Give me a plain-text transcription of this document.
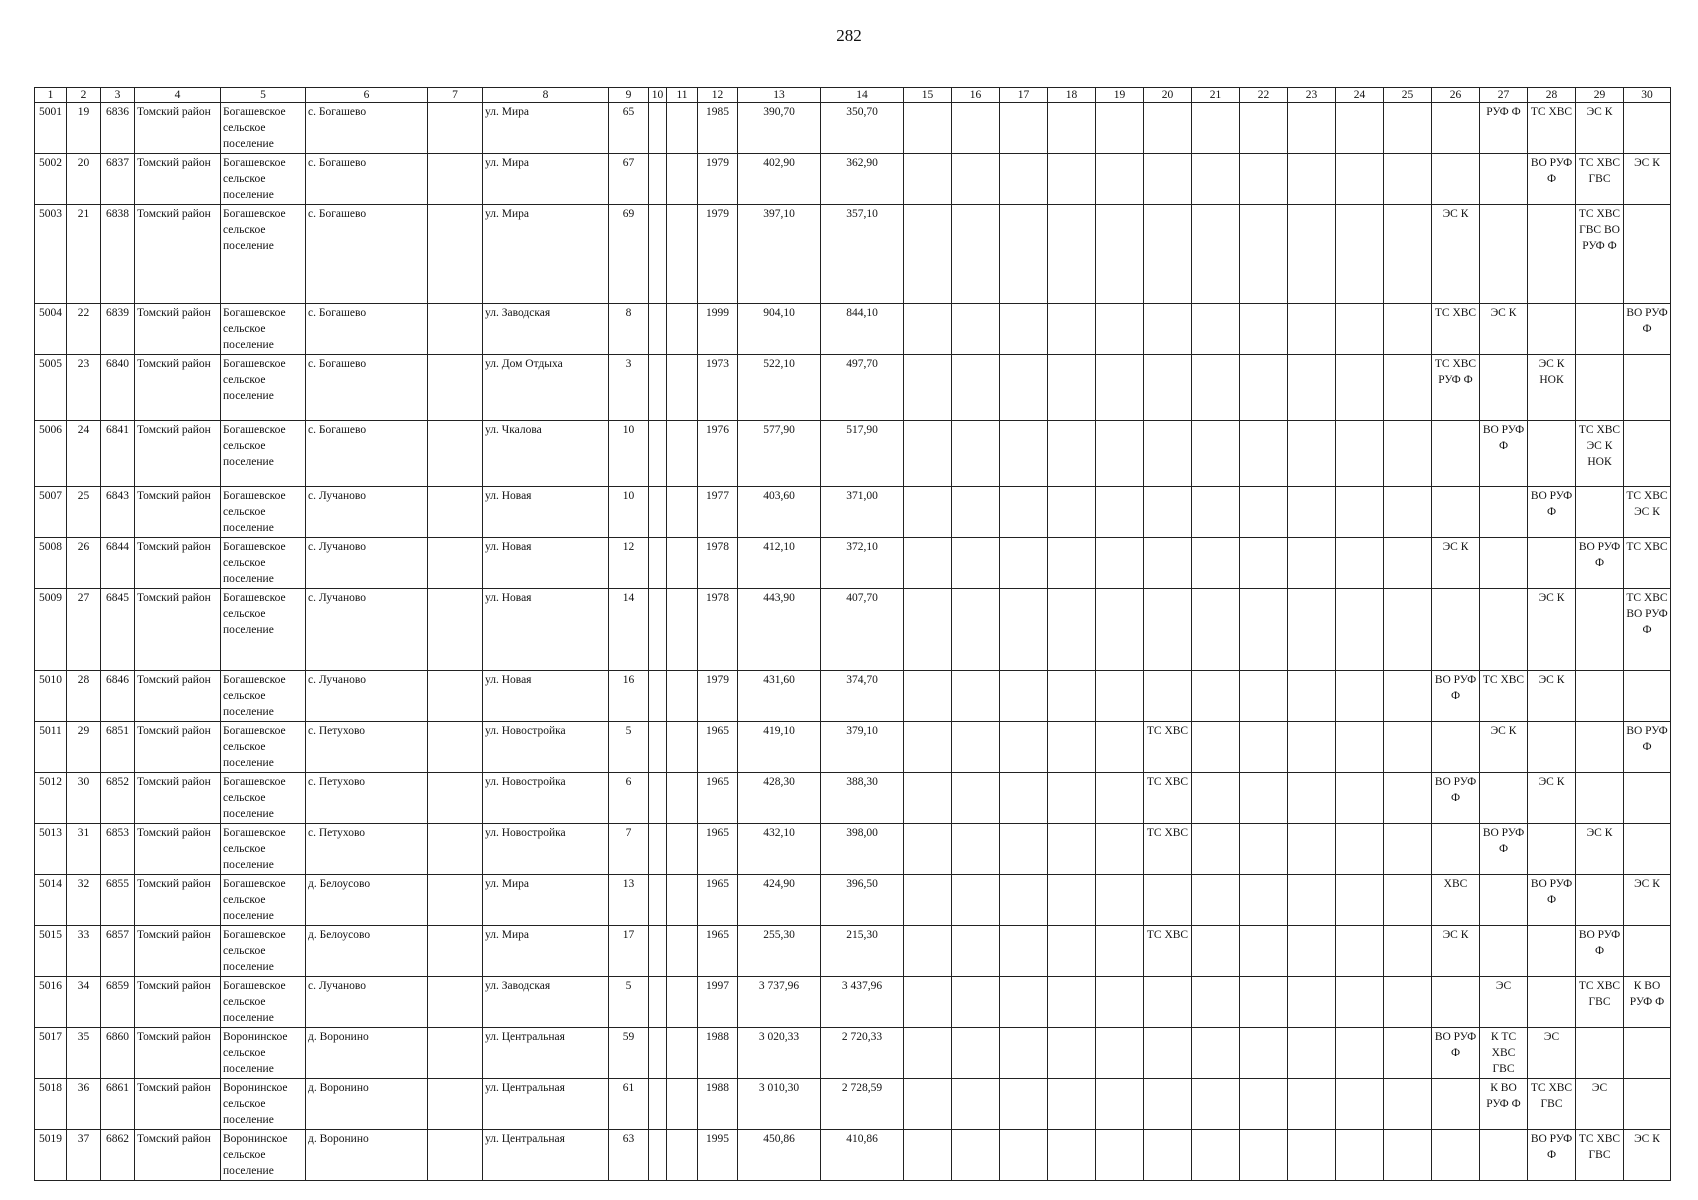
282
1	2	3	4	5	6	7	8	9	10	11	12	13	14	15	16	17	18	19	20	21	22	23	24	25	26	27	28	29	30
5001	19	6836	Томский район	Богашевское сельское поселение	с. Богашево		ул. Мира	65			1985	390,70	350,70													РУФ Ф	ТС ХВС	ЭС К	
5002	20	6837	Томский район	Богашевское сельское поселение	с. Богашево		ул. Мира	67			1979	402,90	362,90														ВО РУФ Ф	ТС ХВС ГВС	ЭС К
5003	21	6838	Томский район	Богашевское сельское поселение	с. Богашево		ул. Мира	69			1979	397,10	357,10												ЭС К			ТС ХВС ГВС ВО РУФ Ф	
5004	22	6839	Томский район	Богашевское сельское поселение	с. Богашево		ул. Заводская	8			1999	904,10	844,10												ТС ХВС	ЭС К			ВО РУФ Ф
5005	23	6840	Томский район	Богашевское сельское поселение	с. Богашево		ул. Дом Отдыха	3			1973	522,10	497,70												ТС ХВС РУФ Ф		ЭС К НОК		
5006	24	6841	Томский район	Богашевское сельское поселение	с. Богашево		ул. Чкалова	10			1976	577,90	517,90													ВО РУФ Ф		ТС ХВС ЭС К НОК	
5007	25	6843	Томский район	Богашевское сельское поселение	с. Лучаново		ул. Новая	10			1977	403,60	371,00														ВО РУФ Ф		ТС ХВС ЭС К
5008	26	6844	Томский район	Богашевское сельское поселение	с. Лучаново		ул. Новая	12			1978	412,10	372,10												ЭС К			ВО РУФ Ф	ТС ХВС
5009	27	6845	Томский район	Богашевское сельское поселение	с. Лучаново		ул. Новая	14			1978	443,90	407,70														ЭС К		ТС ХВС ВО РУФ Ф
5010	28	6846	Томский район	Богашевское сельское поселение	с. Лучаново		ул. Новая	16			1979	431,60	374,70												ВО РУФ Ф	ТС ХВС	ЭС К		
5011	29	6851	Томский район	Богашевское сельское поселение	с. Петухово		ул. Новостройка	5			1965	419,10	379,10						ТС ХВС							ЭС К			ВО РУФ Ф
5012	30	6852	Томский район	Богашевское сельское поселение	с. Петухово		ул. Новостройка	6			1965	428,30	388,30						ТС ХВС						ВО РУФ Ф		ЭС К		
5013	31	6853	Томский район	Богашевское сельское поселение	с. Петухово		ул. Новостройка	7			1965	432,10	398,00						ТС ХВС							ВО РУФ Ф		ЭС К	
5014	32	6855	Томский район	Богашевское сельское поселение	д. Белоусово		ул. Мира	13			1965	424,90	396,50												ХВС		ВО РУФ Ф		ЭС К
5015	33	6857	Томский район	Богашевское сельское поселение	д. Белоусово		ул. Мира	17			1965	255,30	215,30						ТС ХВС						ЭС К			ВО РУФ Ф	
5016	34	6859	Томский район	Богашевское сельское поселение	с. Лучаново		ул. Заводская	5			1997	3 737,96	3 437,96													ЭС		ТС ХВС ГВС	К ВО РУФ Ф
5017	35	6860	Томский район	Воронинское сельское поселение	д. Воронино		ул. Центральная	59			1988	3 020,33	2 720,33												ВО РУФ Ф	К ТС ХВС ГВС	ЭС		
5018	36	6861	Томский район	Воронинское сельское поселение	д. Воронино		ул. Центральная	61			1988	3 010,30	2 728,59													К ВО РУФ Ф	ТС ХВС ГВС	ЭС	
5019	37	6862	Томский район	Воронинское сельское поселение	д. Воронино		ул. Центральная	63			1995	450,86	410,86														ВО РУФ Ф	ТС ХВС ГВС	ЭС К
